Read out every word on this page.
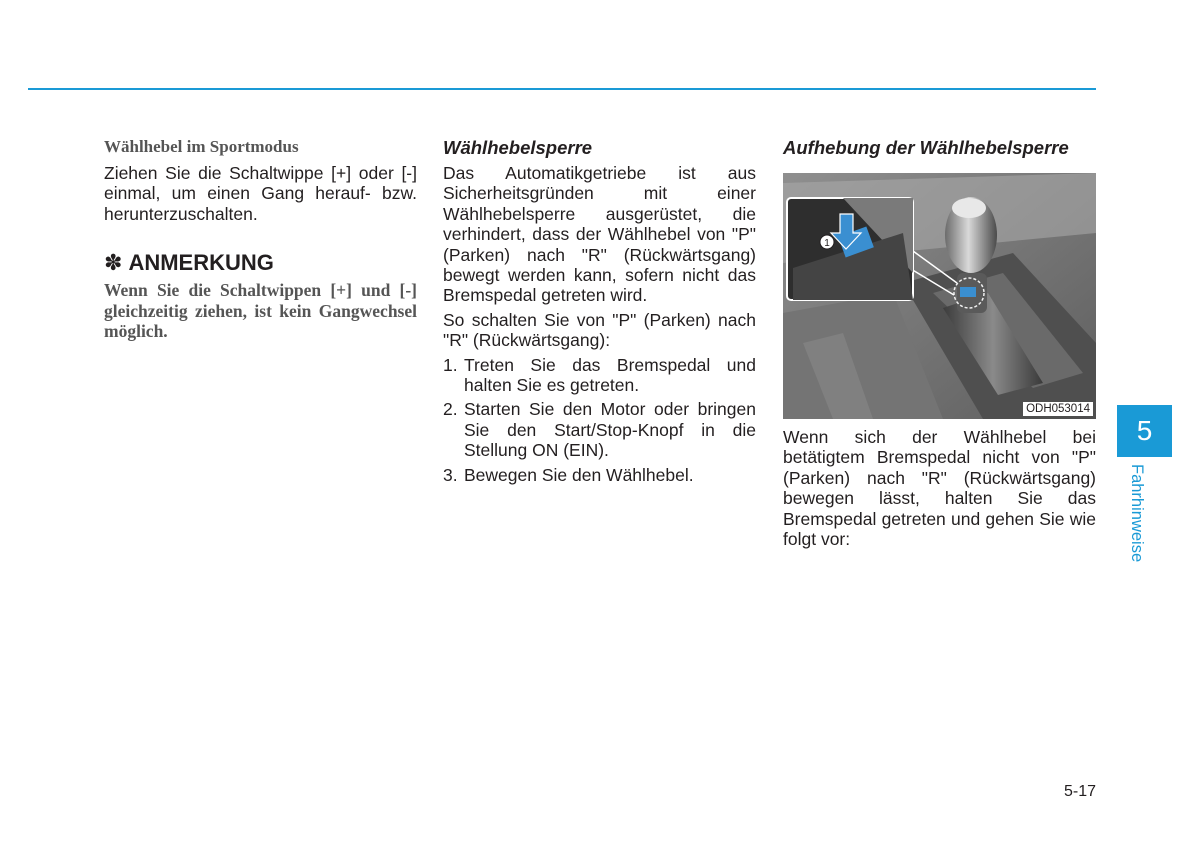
Wählhebel im Sportmodus

Ziehen Sie die Schaltwippe [+] oder [-] einmal, um einen Gang herauf- bzw. herunterzuschalten.

✽ ANMERKUNG

Wenn Sie die Schaltwippen [+] und [-] gleichzeitig ziehen, ist kein Gangwechsel möglich.

Wählhebelsperre

Das Automatikgetriebe ist aus Sicherheitsgründen mit einer Wählhebelsperre ausgerüstet, die verhindert, dass der Wählhebel von "P" (Parken) nach "R" (Rückwärtsgang) bewegt werden kann, sofern nicht das Bremspedal getreten wird.

So schalten Sie von "P" (Parken) nach "R" (Rückwärtsgang):

1. Treten Sie das Bremspedal und halten Sie es getreten.
2. Starten Sie den Motor oder bringen Sie den Start/Stop-Knopf in die Stellung ON (EIN).
3. Bewegen Sie den Wählhebel.

Aufhebung der Wählhebelsperre

1
ODH053014

Wenn sich der Wählhebel bei betätigtem Bremspedal nicht von "P" (Parken) nach "R" (Rückwärtsgang) bewegen lässt, halten Sie das Bremspedal getreten und gehen Sie wie folgt vor:

5
Fahrhinweise
5-17
